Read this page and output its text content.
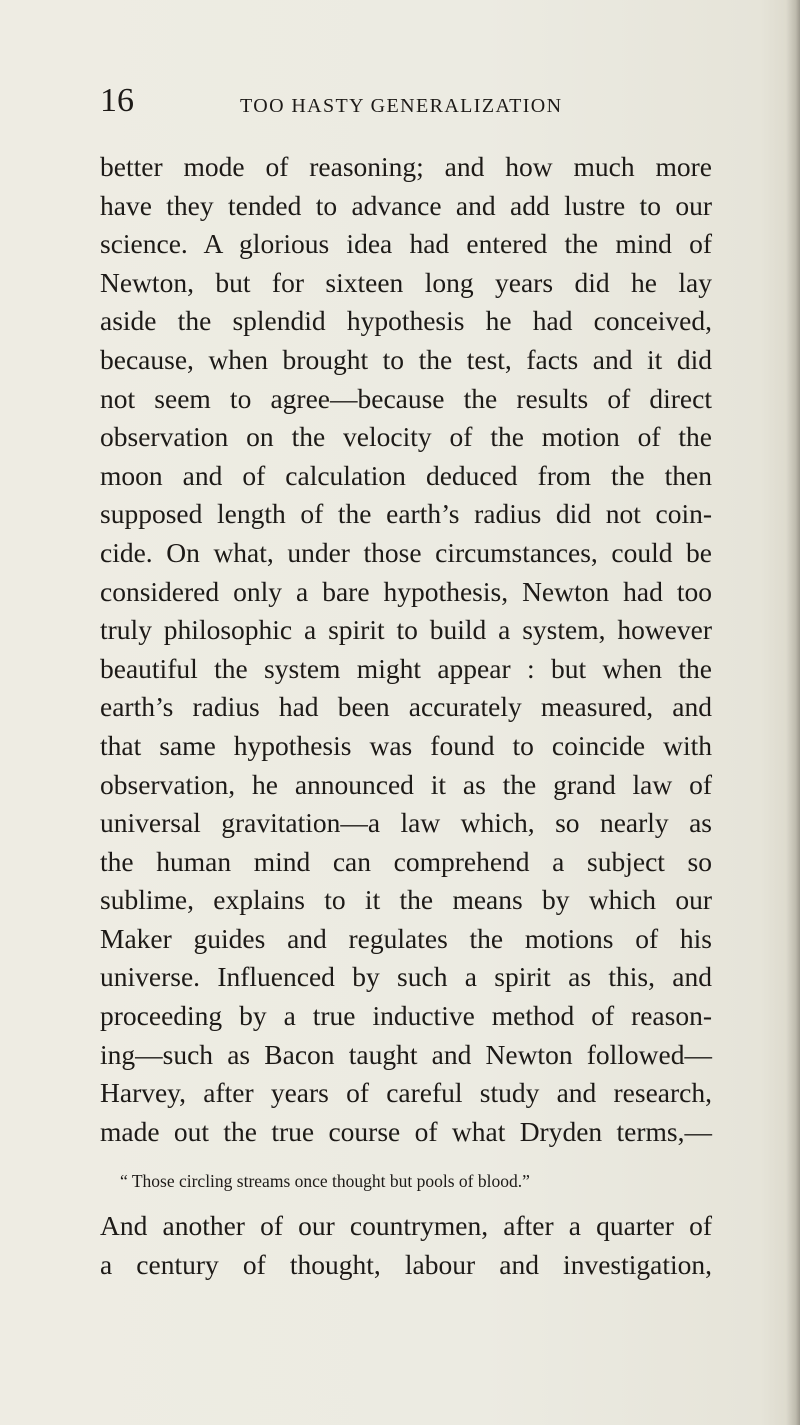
16	TOO HASTY GENERALIZATION
better mode of reasoning; and how much more
have they tended to advance and add lustre to our
science. A glorious idea had entered the mind of
Newton, but for sixteen long years did he lay
aside the splendid hypothesis he had conceived,
because, when brought to the test, facts and it did
not seem to agree—because the results of direct
observation on the velocity of the motion of the
moon and of calculation deduced from the then
supposed length of the earth’s radius did not coin-
cide. On what, under those circumstances, could be
considered only a bare hypothesis, Newton had too
truly philosophic a spirit to build a system, however
beautiful the system might appear : but when the
earth’s radius had been accurately measured, and
that same hypothesis was found to coincide with
observation, he announced it as the grand law of
universal gravitation—a law which, so nearly as
the human mind can comprehend a subject so
sublime, explains to it the means by which our
Maker guides and regulates the motions of his
universe. Influenced by such a spirit as this, and
proceeding by a true inductive method of reason-
ing—such as Bacon taught and Newton followed—
Harvey, after years of careful study and research,
made out the true course of what Dryden terms,—
“ Those circling streams once thought but pools of blood.”
And another of our countrymen, after a quarter of
a century of thought, labour and investigation,
